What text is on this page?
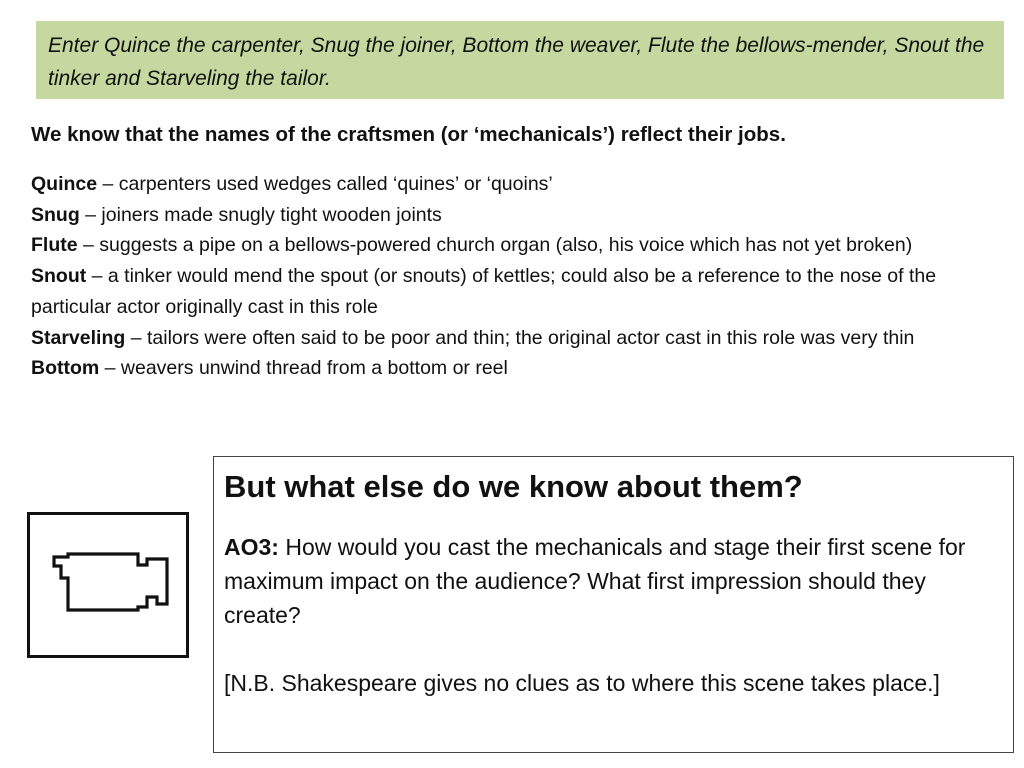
Enter Quince the carpenter, Snug the joiner, Bottom the weaver, Flute the bellows-mender, Snout the tinker and Starveling the tailor.

We know that the names of the craftsmen (or ‘mechanicals’) reflect their jobs.

Quince – carpenters used wedges called ‘quines’ or ‘quoins’
Snug – joiners made snugly tight wooden joints
Flute – suggests a pipe on a bellows-powered church organ (also, his voice which has not yet broken)
Snout – a tinker would mend the spout (or snouts) of kettles; could also be a reference to the nose of the particular actor originally cast in this role
Starveling – tailors were often said to be poor and thin; the original actor cast in this role was very thin
Bottom – weavers unwind thread from a bottom or reel

But what else do we know about them?

AO3: How would you cast the mechanicals and stage their first scene for maximum impact on the audience? What first impression should they create?

[N.B. Shakespeare gives no clues as to where this scene takes place.]
